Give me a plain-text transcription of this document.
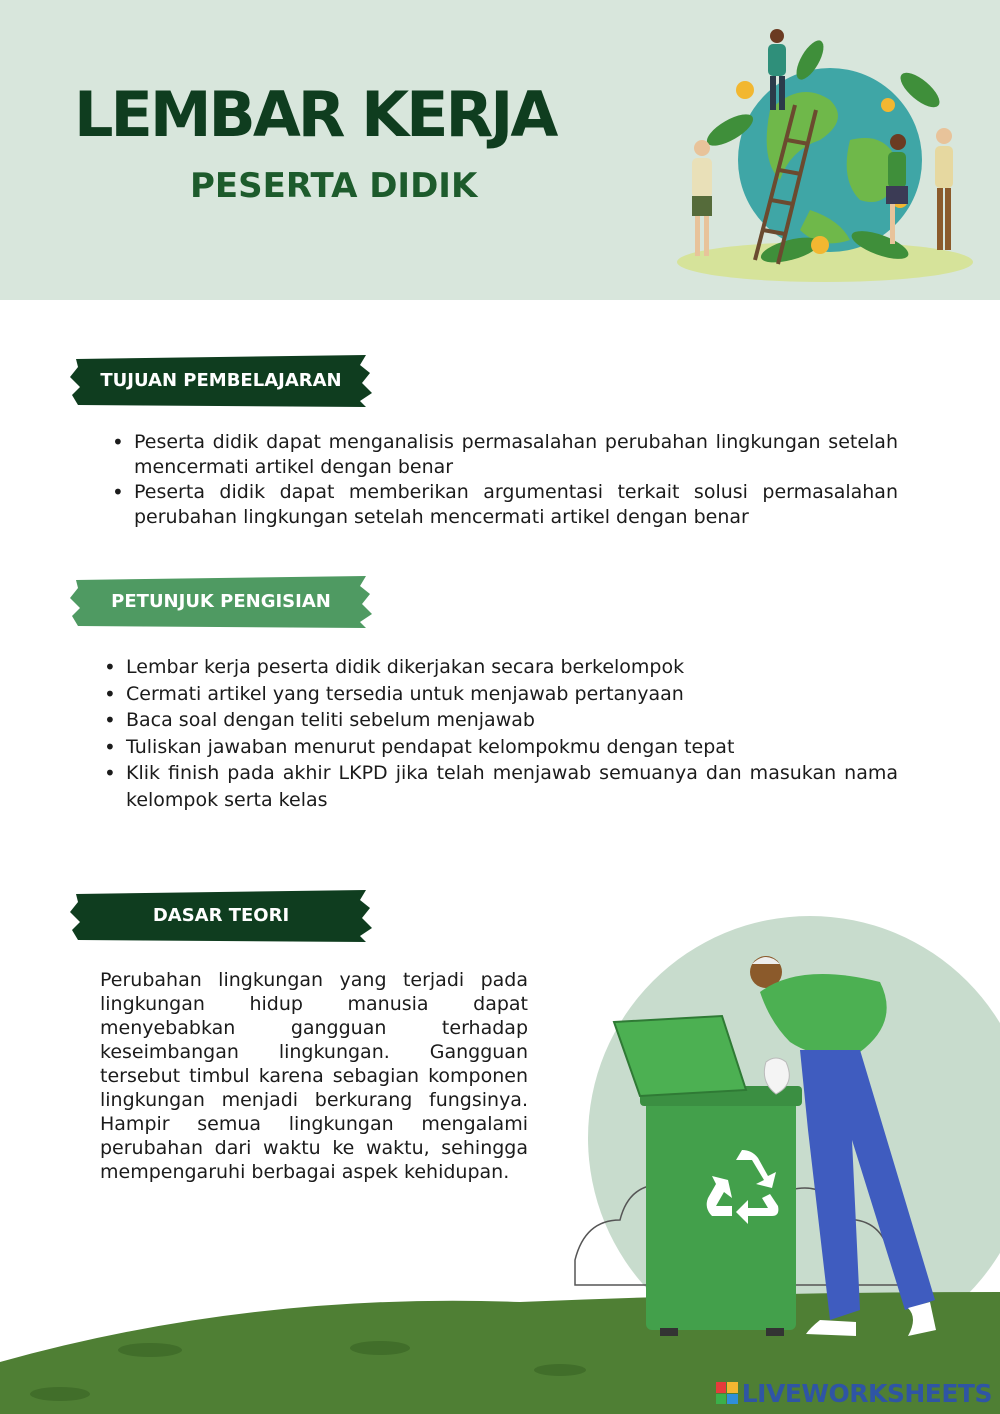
LEMBAR KERJA
PESERTA DIDIK
TUJUAN PEMBELAJARAN
• Peserta didik dapat menganalisis permasalahan perubahan lingkungan setelah mencermati artikel dengan benar
• Peserta didik dapat memberikan argumentasi terkait solusi permasalahan perubahan lingkungan setelah mencermati artikel dengan benar
PETUNJUK PENGISIAN
• Lembar kerja peserta didik dikerjakan secara berkelompok
• Cermati artikel yang tersedia untuk menjawab pertanyaan
• Baca soal dengan teliti sebelum menjawab
• Tuliskan jawaban menurut pendapat kelompokmu dengan tepat
• Klik finish pada akhir LKPD jika telah menjawab semuanya dan masukan nama kelompok serta kelas
DASAR TEORI

Perubahan lingkungan yang terjadi pada lingkungan hidup manusia dapat menyebabkan gangguan terhadap keseimbangan lingkungan. Gangguan tersebut timbul karena sebagian komponen lingkungan menjadi berkurang fungsinya. Hampir semua lingkungan mengalami perubahan dari waktu ke waktu, sehingga mempengaruhi berbagai aspek kehidupan.

LIVEWORKSHEETS
